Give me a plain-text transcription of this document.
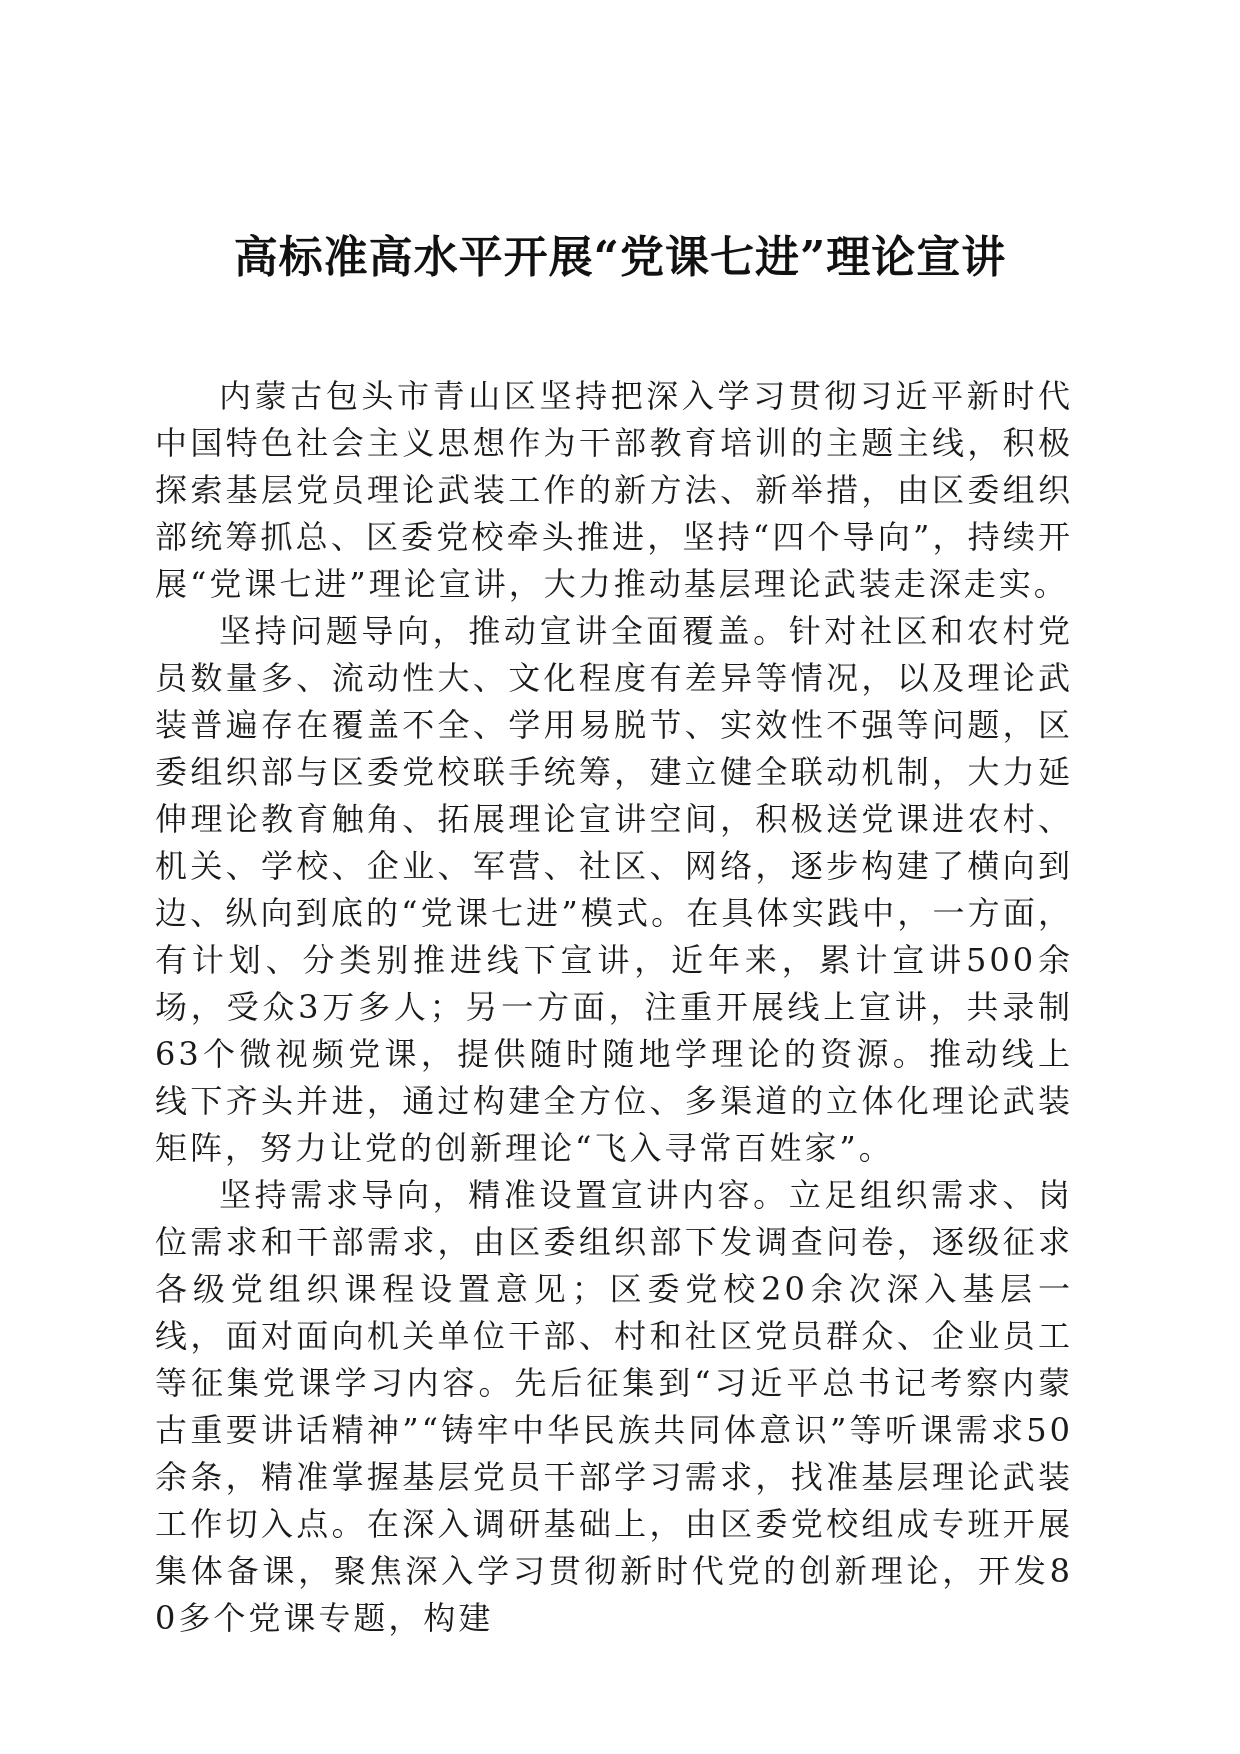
高标准高水平开展“党课七进”理论宣讲

内蒙古包头市青山区坚持把深入学习贯彻习近平新时代中国特色社会主义思想作为干部教育培训的主题主线，积极探索基层党员理论武装工作的新方法、新举措，由区委组织部统筹抓总、区委党校牵头推进，坚持“四个导向”，持续开展“党课七进”理论宣讲，大力推动基层理论武装走深走实。

坚持问题导向，推动宣讲全面覆盖。针对社区和农村党员数量多、流动性大、文化程度有差异等情况，以及理论武装普遍存在覆盖不全、学用易脱节、实效性不强等问题，区委组织部与区委党校联手统筹，建立健全联动机制，大力延伸理论教育触角、拓展理论宣讲空间，积极送党课进农村、机关、学校、企业、军营、社区、网络，逐步构建了横向到边、纵向到底的“党课七进”模式。在具体实践中，一方面，有计划、分类别推进线下宣讲，近年来，累计宣讲500余场，受众3万多人；另一方面，注重开展线上宣讲，共录制63个微视频党课，提供随时随地学理论的资源。推动线上线下齐头并进，通过构建全方位、多渠道的立体化理论武装矩阵，努力让党的创新理论“飞入寻常百姓家”。

坚持需求导向，精准设置宣讲内容。立足组织需求、岗位需求和干部需求，由区委组织部下发调查问卷，逐级征求各级党组织课程设置意见；区委党校20余次深入基层一线，面对面向机关单位干部、村和社区党员群众、企业员工等征集党课学习内容。先后征集到“习近平总书记考察内蒙古重要讲话精神”“铸牢中华民族共同体意识”等听课需求50余条，精准掌握基层党员干部学习需求，找准基层理论武装工作切入点。在深入调研基础上，由区委党校组成专班开展集体备课，聚焦深入学习贯彻新时代党的创新理论，开发80多个党课专题，构建
